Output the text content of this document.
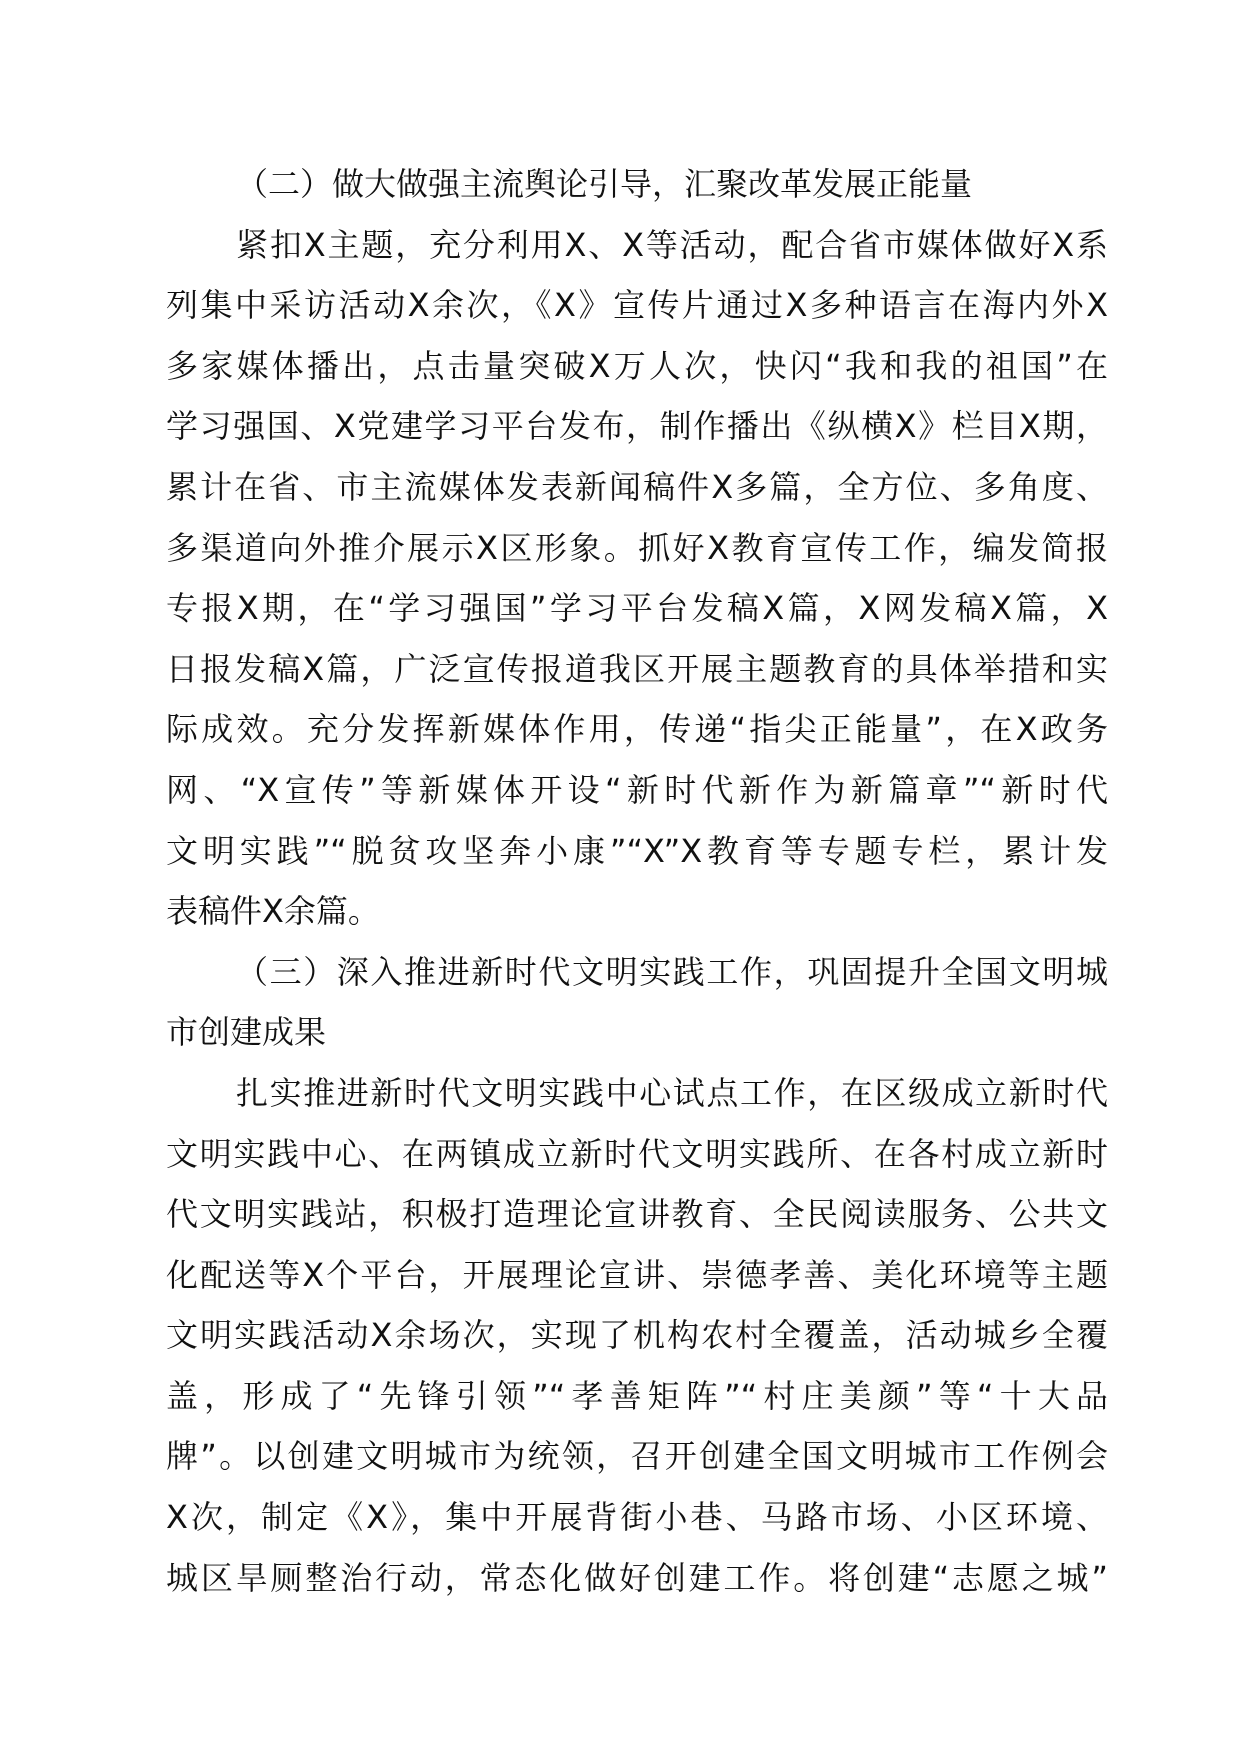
（二）做大做强主流舆论引导，汇聚改革发展正能量
紧扣X主题，充分利用X、X等活动，配合省市媒体做好X系
列集中采访活动X余次，《X》宣传片通过X多种语言在海内外X
多家媒体播出，点击量突破X万人次，快闪“我和我的祖国”在
学习强国、X党建学习平台发布，制作播出《纵横X》栏目X期，
累计在省、市主流媒体发表新闻稿件X多篇，全方位、多角度、
多渠道向外推介展示X区形象。抓好X教育宣传工作，编发简报
专报X期，在“学习强国”学习平台发稿X篇，X网发稿X篇，X
日报发稿X篇，广泛宣传报道我区开展主题教育的具体举措和实
际成效。充分发挥新媒体作用，传递“指尖正能量”，在X政务
网、“X宣传”等新媒体开设“新时代新作为新篇章”“新时代
文明实践”“脱贫攻坚奔小康”“X”X教育等专题专栏，累计发
表稿件X余篇。
（三）深入推进新时代文明实践工作，巩固提升全国文明城
市创建成果
扎实推进新时代文明实践中心试点工作，在区级成立新时代
文明实践中心、在两镇成立新时代文明实践所、在各村成立新时
代文明实践站，积极打造理论宣讲教育、全民阅读服务、公共文
化配送等X个平台，开展理论宣讲、崇德孝善、美化环境等主题
文明实践活动X余场次，实现了机构农村全覆盖，活动城乡全覆
盖，形成了“先锋引领”“孝善矩阵”“村庄美颜”等“十大品
牌”。以创建文明城市为统领，召开创建全国文明城市工作例会
X次，制定《X》，集中开展背街小巷、马路市场、小区环境、
城区旱厕整治行动，常态化做好创建工作。将创建“志愿之城”
